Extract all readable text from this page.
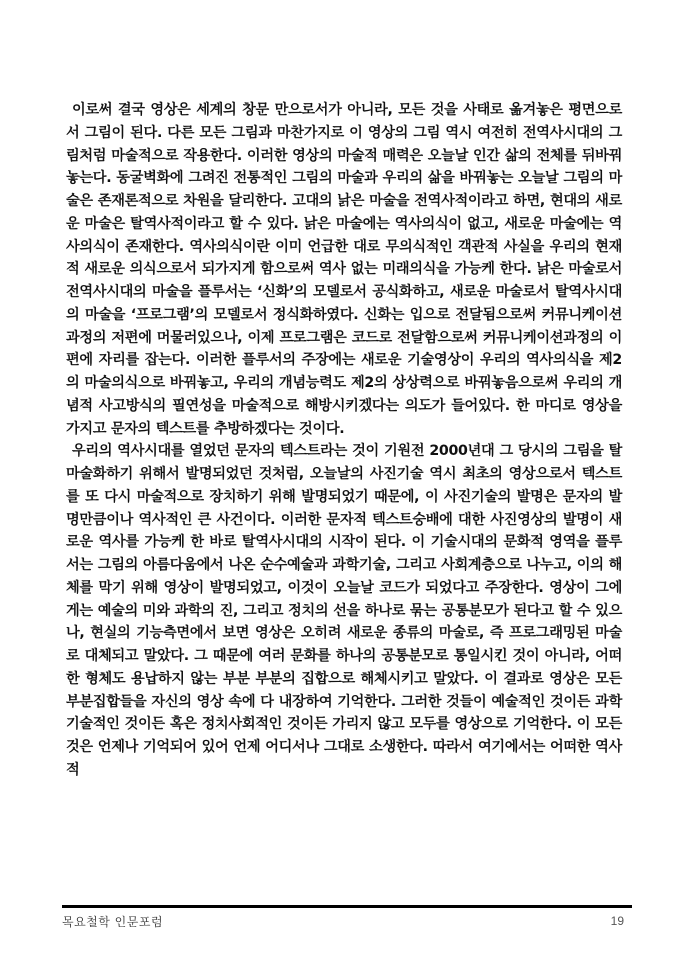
이로써 결국 영상은 세계의 창문 만으로서가 아니라, 모든 것을 사태로 옮겨놓은 평면으로서 그림이 된다. 다른 모든 그림과 마찬가지로 이 영상의 그림 역시 여전히 전역사시대의 그림처럼 마술적으로 작용한다. 이러한 영상의 마술적 매력은 오늘날 인간 삶의 전체를 뒤바꿔놓는다. 동굴벽화에 그려진 전통적인 그림의 마술과 우리의 삶을 바꿔놓는 오늘날 그림의 마술은 존재론적으로 차원을 달리한다. 고대의 낡은 마술을 전역사적이라고 하면, 현대의 새로운 마술은 탈역사적이라고 할 수 있다. 낡은 마술에는 역사의식이 없고, 새로운 마술에는 역사의식이 존재한다. 역사의식이란 이미 언급한 대로 무의식적인 객관적 사실을 우리의 현재적 새로운 의식으로서 되가지게 함으로써 역사 없는 미래의식을 가능케 한다. 낡은 마술로서 전역사시대의 마술을 플루서는 ‘신화’의 모델로서 공식화하고, 새로운 마술로서 탈역사시대의 마술을 ‘프로그램’의 모델로서 정식화하였다. 신화는 입으로 전달됨으로써 커뮤니케이션과정의 저편에 머물러있으나, 이제 프로그램은 코드로 전달함으로써 커뮤니케이션과정의 이편에 자리를 잡는다. 이러한 플루서의 주장에는 새로운 기술영상이 우리의 역사의식을 제2의 마술의식으로 바꿔놓고, 우리의 개념능력도 제2의 상상력으로 바꿔놓음으로써 우리의 개념적 사고방식의 필연성을 마술적으로 해방시키겠다는 의도가 들어있다. 한 마디로 영상을 가지고 문자의 텍스트를 추방하겠다는 것이다.

우리의 역사시대를 열었던 문자의 텍스트라는 것이 기원전 2000년대 그 당시의 그림을 탈마술화하기 위해서 발명되었던 것처럼, 오늘날의 사진기술 역시 최초의 영상으로서 텍스트를 또 다시 마술적으로 장치하기 위해 발명되었기 때문에, 이 사진기술의 발명은 문자의 발명만큼이나 역사적인 큰 사건이다. 이러한 문자적 텍스트숭배에 대한 사진영상의 발명이 새로운 역사를 가능케 한 바로 탈역사시대의 시작이 된다. 이 기술시대의 문화적 영역을 플루서는 그림의 아름다움에서 나온 순수예술과 과학기술, 그리고 사회계층으로 나누고, 이의 해체를 막기 위해 영상이 발명되었고, 이것이 오늘날 코드가 되었다고 주장한다. 영상이 그에게는 예술의 미와 과학의 진, 그리고 정치의 선을 하나로 묶는 공통분모가 된다고 할 수 있으나, 현실의 기능측면에서 보면 영상은 오히려 새로운 종류의 마술로, 즉 프로그래밍된 마술로 대체되고 말았다. 그 때문에 여러 문화를 하나의 공통분모로 통일시킨 것이 아니라, 어떠한 형체도 용납하지 않는 부분 부분의 집합으로 해체시키고 말았다. 이 결과로 영상은 모든 부분집합들을 자신의 영상 속에 다 내장하여 기억한다. 그러한 것들이 예술적인 것이든 과학기술적인 것이든 혹은 정치사회적인 것이든 가리지 않고 모두를 영상으로 기억한다. 이 모든 것은 언제나 기억되어 있어 언제 어디서나 그대로 소생한다. 따라서 여기에서는 어떠한 역사적

목요철학 인문포럼	19
